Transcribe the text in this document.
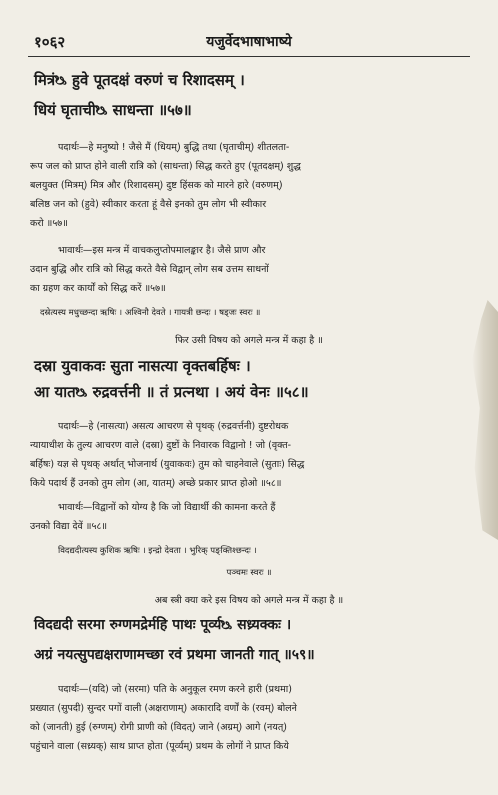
१०६२	यजुर्वेदभाषाभाष्ये
मित्रंᳬ हुवे पूतदक्षं वरुणं च रिशादसम् ।
धियं घृताचीᳬ साधन्ता ॥५७॥
पदार्थः—हे मनुष्यो ! जैसे मैं (धियम्) बुद्धि तथा (घृताचीम्) शीतलता-
रूप जल को प्राप्त होने वाली रात्रि को (साधन्ता) सिद्ध करते हुए (पूतदक्षम्) शुद्ध
बलयुक्त (मित्रम्) मित्र और (रिशादसम्) दुष्ट हिंसक को मारने हारे (वरुणम्)
बलिष्ठ जन को (हुवे) स्वीकार करता हूं वैसे इनको तुम लोग भी स्वीकार
करो ॥५७॥
भावार्थः—इस मन्त्र में वाचकलुप्तोपमालङ्कार है। जैसे प्राण और
उदान बुद्धि और रात्रि को सिद्ध करते वैसे विद्वान् लोग सब उत्तम साधनों
का ग्रहण कर कार्यों को सिद्ध करें ॥५७॥
दस्रेत्यस्य मधुच्छन्दा ऋषिः । अश्विनौ देवते । गायत्री छन्दः । षड्जः स्वरः ॥
फिर उसी विषय को अगले मन्त्र में कहा है ॥
दस्रा युवाकवः सुता नासत्या वृक्तबर्हिषः ।
आ यातᳬ रुद्रवर्त्तनी ॥ तं प्रत्नथा । अयं वेनः ॥५८॥
पदार्थः—हे (नासत्या) असत्य आचरण से पृथक् (रुद्रवर्त्तनी) दुष्टरोधक
न्यायाधीश के तुल्य आचरण वाले (दस्रा) दुष्टों के निवारक विद्वानो ! जो (वृक्त-
बर्हिषः) यज्ञ से पृथक् अर्थात् भोजनार्थ (युवाकवः) तुम को चाहनेवाले (सुताः) सिद्ध
किये पदार्थ हैं उनको तुम लोग (आ, यातम्) अच्छे प्रकार प्राप्त होओ ॥५८॥
भावार्थः—विद्वानों को योग्य है कि जो विद्यार्थी की कामना करते हैं
उनको विद्या देवें ॥५८॥
विदद्यदीत्यस्य कुशिक ऋषिः । इन्द्रो देवता । भुरिक् पङ्क्तिश्छन्दः ।
पञ्चमः स्वरः ॥
अब स्त्री क्या करे इस विषय को अगले मन्त्र में कहा है ॥
विदद्यदी सरमा रुग्णमद्रेर्महि पाथः पूर्व्यᳬ सध्र्यक्कः ।
अग्रं नयत्सुपद्यक्षराणामच्छा रवं प्रथमा जानती गात् ॥५९॥
पदार्थः—(यदि) जो (सरमा) पति के अनुकूल रमण करने हारी (प्रथमा)
प्रख्यात (सुपदी) सुन्दर पगों वाली (अक्षराणाम्) अकारादि वर्णों के (रवम्) बोलने
को (जानती) हुई (रुग्णम्) रोगी प्राणी को (विदत्) जाने (अग्रम्) आगे (नयत्)
पहुंचाने वाला (सध्र्यक्) साथ प्राप्त होता (पूर्व्यम्) प्रथम के लोगों ने प्राप्त किये
